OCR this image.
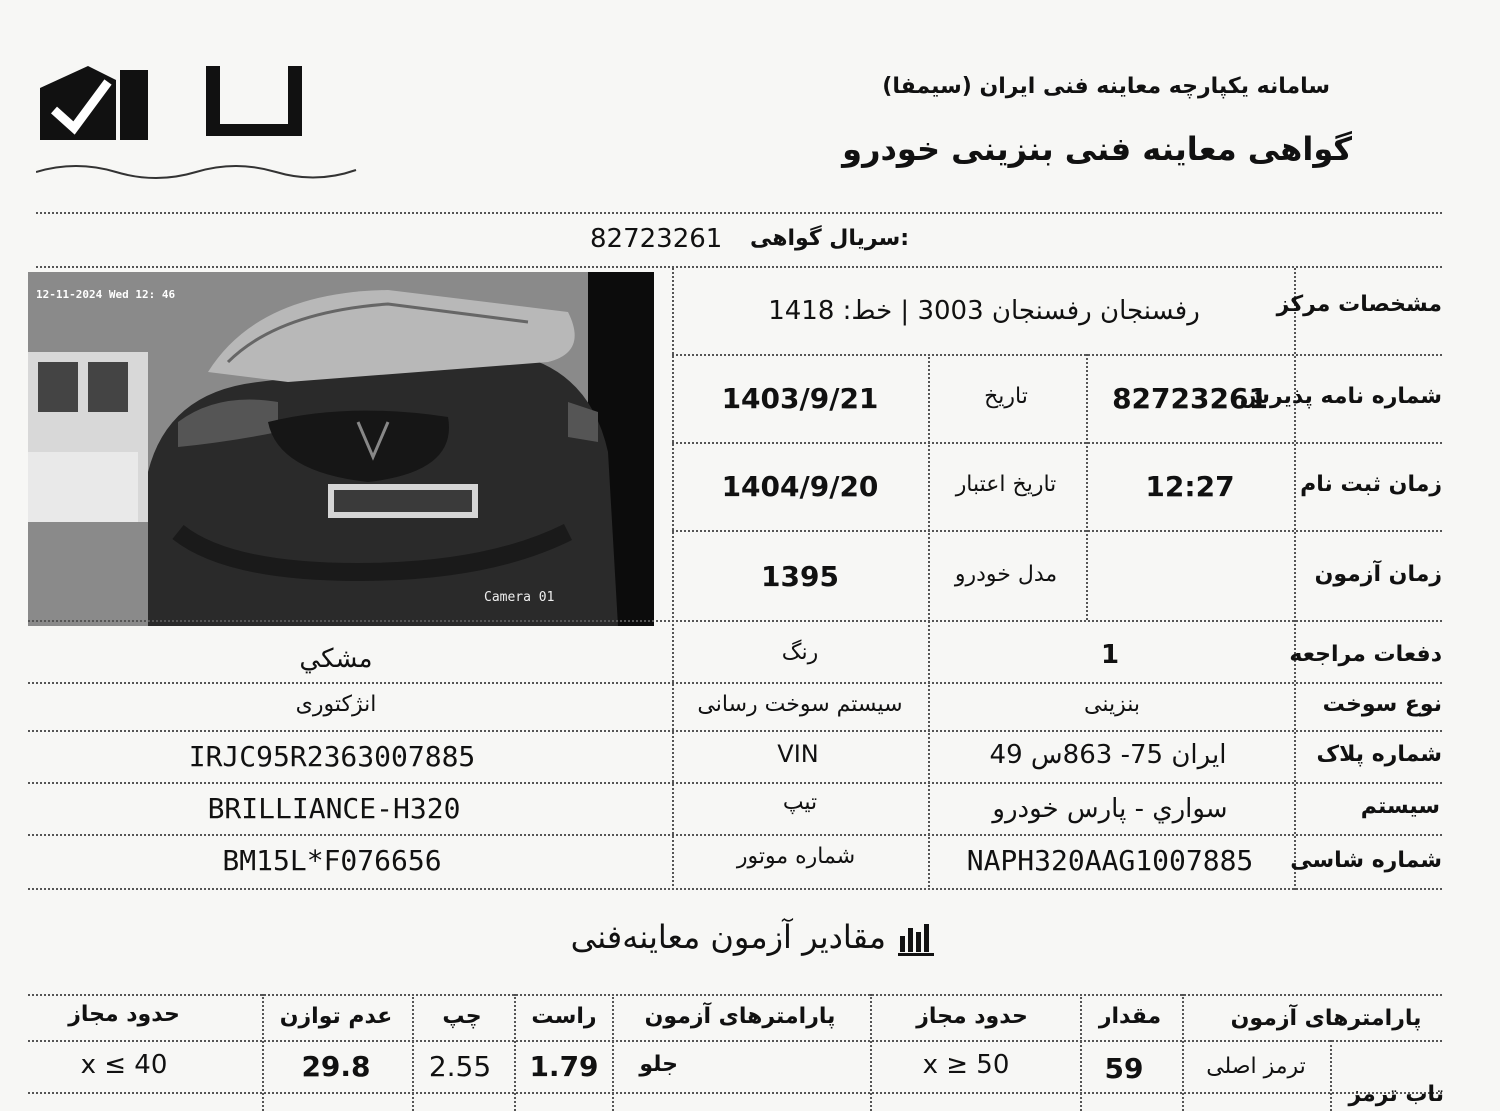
سامانه یکپارچه معاینه فنی ایران (سیمفا)
گواهی معاینه فنی بنزینی خودرو
سریال گواهی:
82723261
12-11-2024 Wed 12: 46
Camera 01
مشخصات مرکز
رفسنجان رفسنجان 3003 | خط: 1418
شماره نامه پذیرش
82723261
تاریخ
1403/9/21
زمان ثبت نام
12:27
تاریخ اعتبار
1404/9/20
زمان آزمون
مدل خودرو
1395
دفعات مراجعه
1
رنگ
مشکي
نوع سوخت
بنزینی
سیستم سوخت رسانی
انژکتوری
شماره پلاک
ایران 75- 863س 49
VIN
IRJC95R2363007885
سیستم
سواري - پارس خودرو
تیپ
BRILLIANCE-H320
شماره شاسی
NAPH320AAG1007885
شماره موتور
BM15L*F076656
مقادیر آزمون معاینه‌فنی
پارامترهای آزمون
مقدار
حدود مجاز
پارامترهای آزمون
راست
چپ
عدم توازن
حدود مجاز
تاب ترمز
ترمز اصلی
59
x ≥ 50
جلو
1.79
2.55
29.8
x ≤ 40
